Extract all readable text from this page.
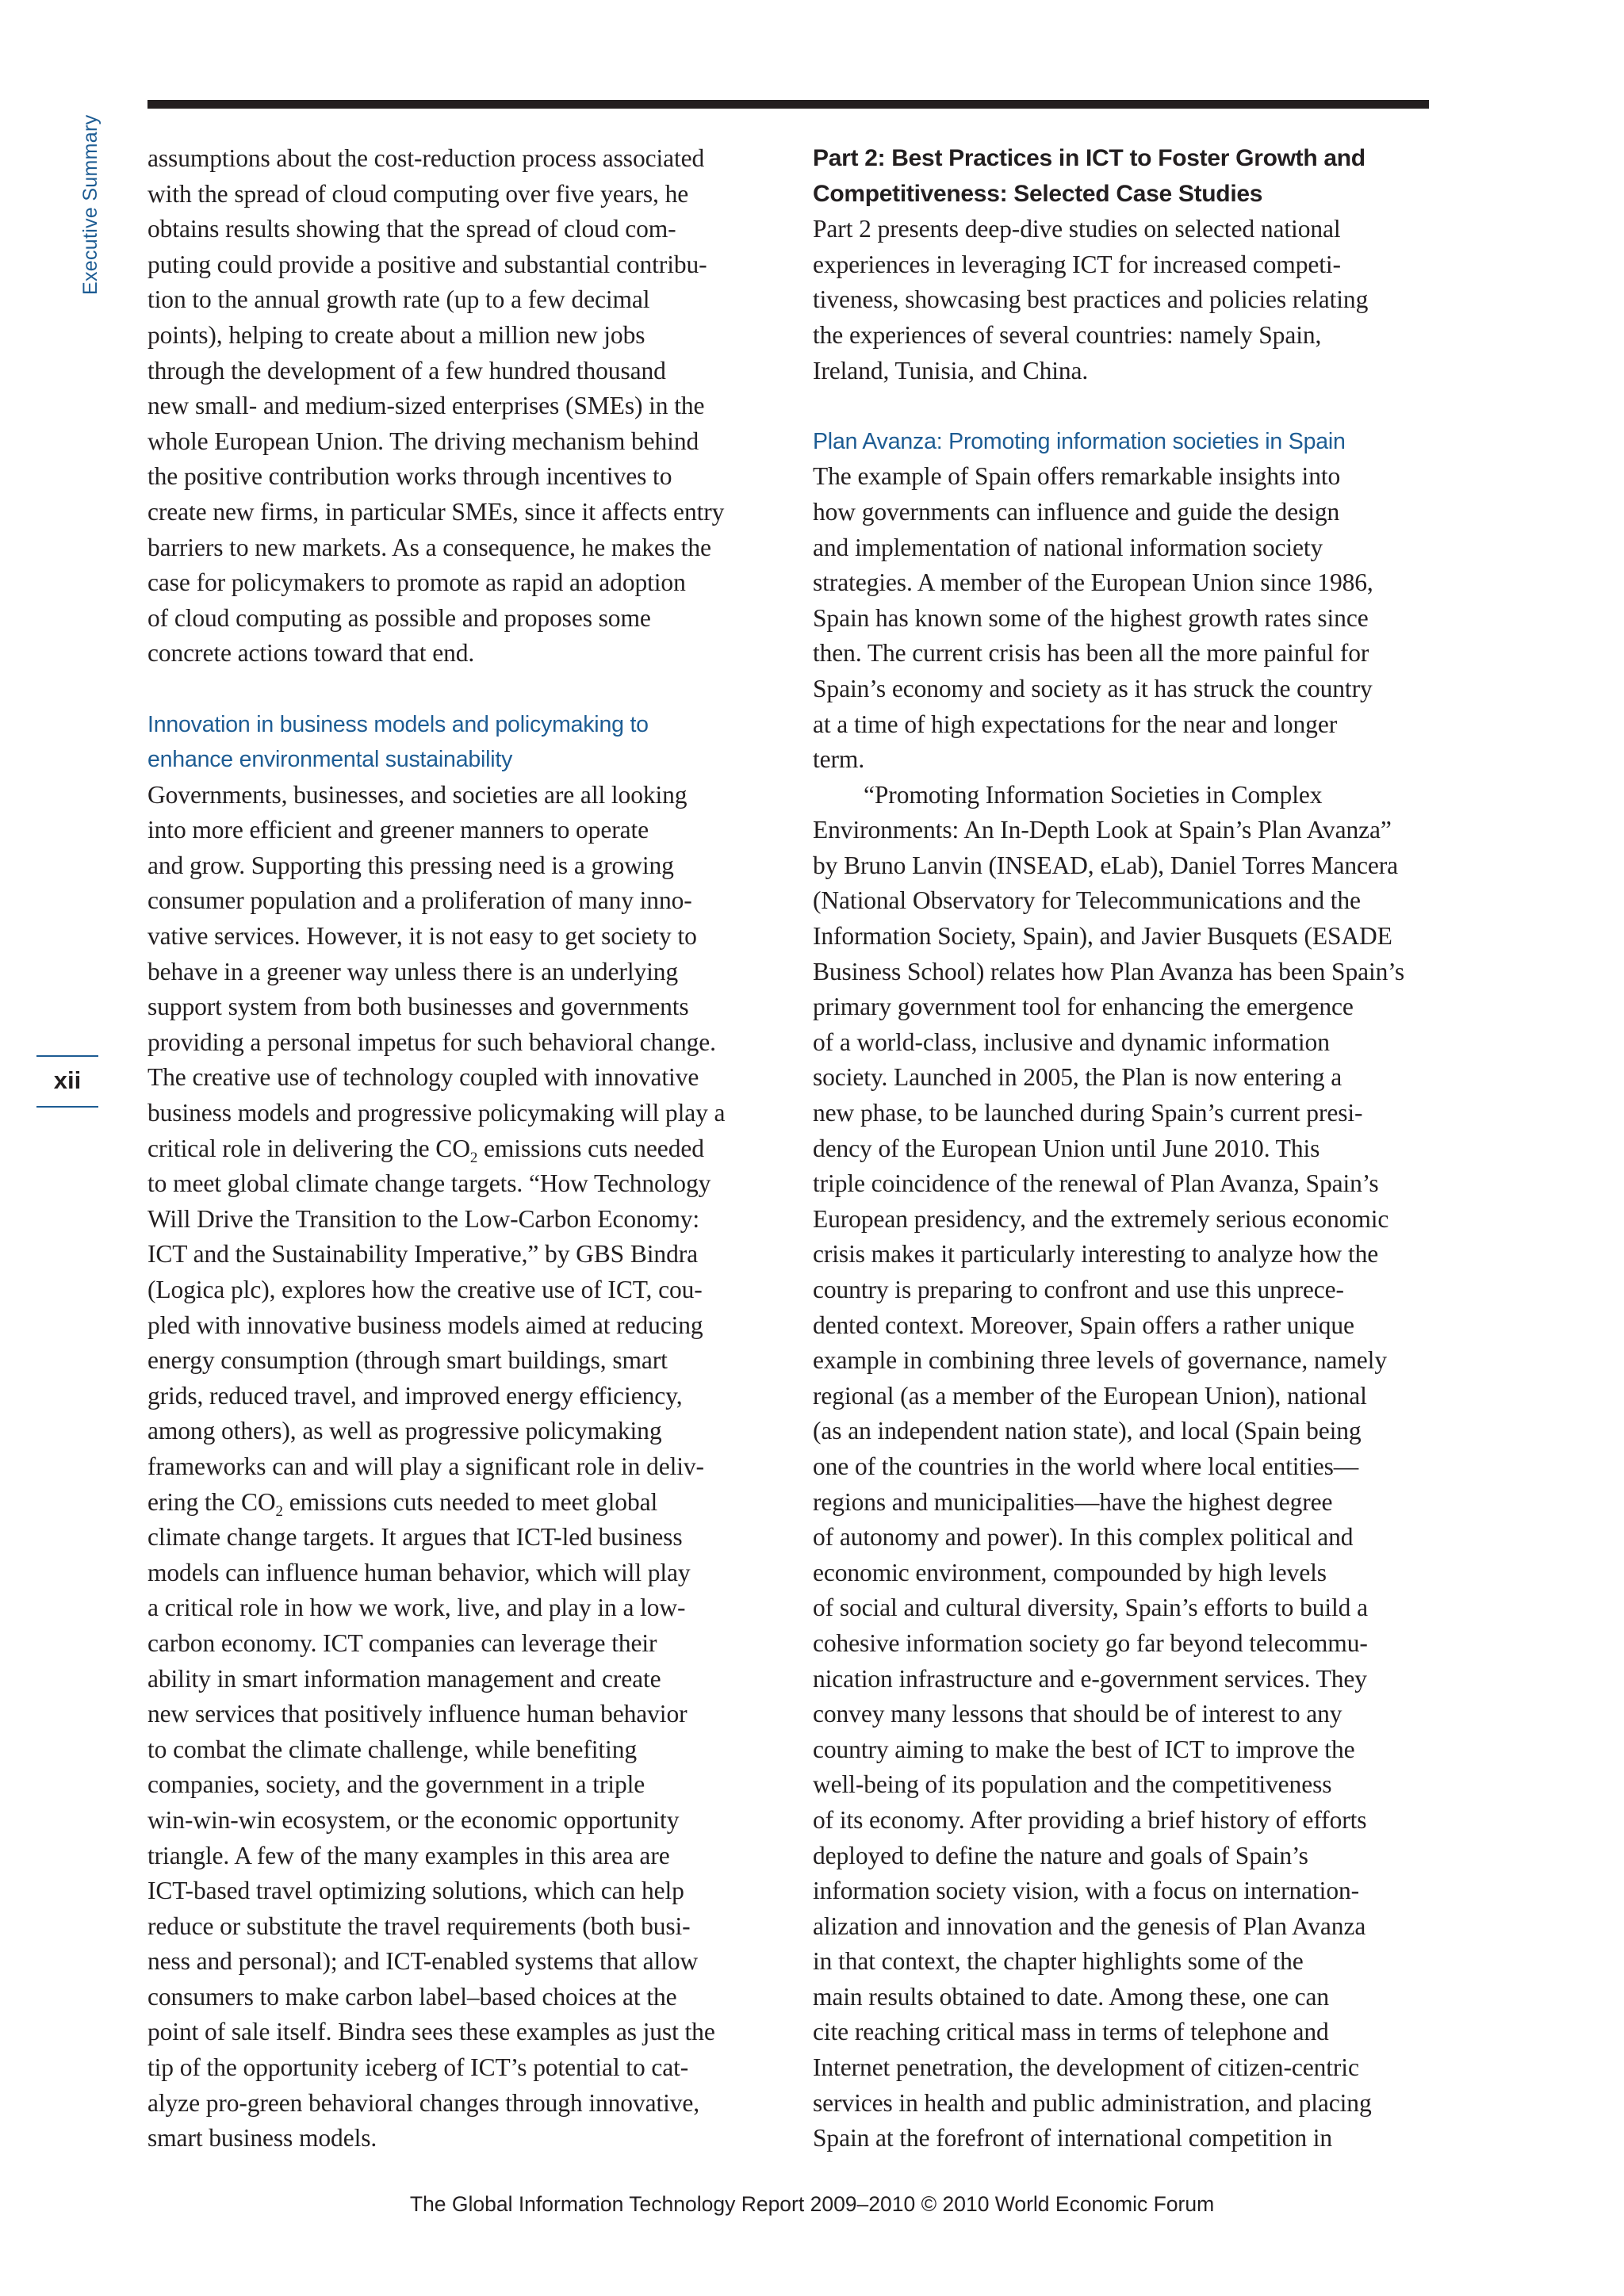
Executive Summary
xii
assumptions about the cost-reduction process associated
with the spread of cloud computing over five years, he
obtains results showing that the spread of cloud com-
puting could provide a positive and substantial contribu-
tion to the annual growth rate (up to a few decimal
points), helping to create about a million new jobs
through the development of a few hundred thousand
new small- and medium-sized enterprises (SMEs) in the
whole European Union. The driving mechanism behind
the positive contribution works through incentives to
create new firms, in particular SMEs, since it affects entry
barriers to new markets. As a consequence, he makes the
case for policymakers to promote as rapid an adoption
of cloud computing as possible and proposes some
concrete actions toward that end.
Innovation in business models and policymaking to
enhance environmental sustainability
Governments, businesses, and societies are all looking
into more efficient and greener manners to operate
and grow. Supporting this pressing need is a growing
consumer population and a proliferation of many inno-
vative services. However, it is not easy to get society to
behave in a greener way unless there is an underlying
support system from both businesses and governments
providing a personal impetus for such behavioral change.
The creative use of technology coupled with innovative
business models and progressive policymaking will play a
critical role in delivering the $CO_2$ emissions cuts needed
to meet global climate change targets. “How Technology
Will Drive the Transition to the Low-Carbon Economy:
ICT and the Sustainability Imperative,” by GBS Bindra
(Logica plc), explores how the creative use of ICT, cou-
pled with innovative business models aimed at reducing
energy consumption (through smart buildings, smart
grids, reduced travel, and improved energy efficiency,
among others), as well as progressive policymaking
frameworks can and will play a significant role in deliv-
ering the $CO_2$ emissions cuts needed to meet global
climate change targets. It argues that ICT-led business
models can influence human behavior, which will play
a critical role in how we work, live, and play in a low-
carbon economy. ICT companies can leverage their
ability in smart information management and create
new services that positively influence human behavior
to combat the climate challenge, while benefiting
companies, society, and the government in a triple
win-win-win ecosystem, or the economic opportunity
triangle. A few of the many examples in this area are
ICT-based travel optimizing solutions, which can help
reduce or substitute the travel requirements (both busi-
ness and personal); and ICT-enabled systems that allow
consumers to make carbon label–based choices at the
point of sale itself. Bindra sees these examples as just the
tip of the opportunity iceberg of ICT’s potential to cat-
alyze pro-green behavioral changes through innovative,
smart business models.
Part 2: Best Practices in ICT to Foster Growth and
Competitiveness: Selected Case Studies
Part 2 presents deep-dive studies on selected national
experiences in leveraging ICT for increased competi-
tiveness, showcasing best practices and policies relating
the experiences of several countries: namely Spain,
Ireland, Tunisia, and China.
Plan Avanza: Promoting information societies in Spain
The example of Spain offers remarkable insights into
how governments can influence and guide the design
and implementation of national information society
strategies. A member of the European Union since 1986,
Spain has known some of the highest growth rates since
then. The current crisis has been all the more painful for
Spain’s economy and society as it has struck the country
at a time of high expectations for the near and longer
term.
“Promoting Information Societies in Complex
Environments: An In-Depth Look at Spain’s Plan Avanza”
by Bruno Lanvin (INSEAD, eLab), Daniel Torres Mancera
(National Observatory for Telecommunications and the
Information Society, Spain), and Javier Busquets (ESADE
Business School) relates how Plan Avanza has been Spain’s
primary government tool for enhancing the emergence
of a world-class, inclusive and dynamic information
society. Launched in 2005, the Plan is now entering a
new phase, to be launched during Spain’s current presi-
dency of the European Union until June 2010. This
triple coincidence of the renewal of Plan Avanza, Spain’s
European presidency, and the extremely serious economic
crisis makes it particularly interesting to analyze how the
country is preparing to confront and use this unprece-
dented context. Moreover, Spain offers a rather unique
example in combining three levels of governance, namely
regional (as a member of the European Union), national
(as an independent nation state), and local (Spain being
one of the countries in the world where local entities—
regions and municipalities—have the highest degree
of autonomy and power). In this complex political and
economic environment, compounded by high levels
of social and cultural diversity, Spain’s efforts to build a
cohesive information society go far beyond telecommu-
nication infrastructure and e-government services. They
convey many lessons that should be of interest to any
country aiming to make the best of ICT to improve the
well-being of its population and the competitiveness
of its economy. After providing a brief history of efforts
deployed to define the nature and goals of Spain’s
information society vision, with a focus on internation-
alization and innovation and the genesis of Plan Avanza
in that context, the chapter highlights some of the
main results obtained to date. Among these, one can
cite reaching critical mass in terms of telephone and
Internet penetration, the development of citizen-centric
services in health and public administration, and placing
Spain at the forefront of international competition in
The Global Information Technology Report 2009–2010 © 2010 World Economic Forum
